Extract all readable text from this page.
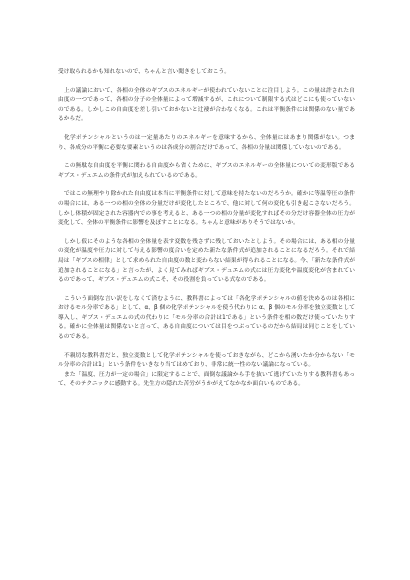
受け取られるかも知れないので、ちゃんと言い聞きをしておこう。

上の議論において、各相の全体のギブスのエネルギーが使われていないことに注目しよう。この量は許された自由度の一つであって、各相の分子の全体量によって増減するが、これについて制限する式はどこにも使っていないのである。しかしこの自由度を差し引いておかないと辻褄が合わなくなる。これは平衡条件には関係のない量であるからだ。

化学ポテンシャルというのは一定量あたりのエネルギーを意味するから、全体量にはあまり関係がない。つまり、各成分の平衡に必要な要素というのは各成分の割合だけであって、各相の分量は関係していないのである。

この無駄な自由度を平衡に関わる自由度から省くために、ギブスのエネルギーの全体量についての変形版であるギブス・デュエムの条件式が加えられているのである。

ではこの無理やり除かれた自由度は本当に平衡条件に対して意味を持たないのだろうか。確かに等温等圧の条件の場合には、ある一つの相の全体の分量だけが変化したところで、他に対して何の変化も引き起こさないだろう。しかし体積が固定された容器内での事を考えると、ある一つの相の分量が変化すればその分だけ容器全体の圧力が変化して、全体の平衡条件に影響を及ぼすことになる。ちゃんと意味がありそうではないか。

しかし仮にそのような各相の全体量を表す変数を残さずに残しておいたとしよう。その場合には、ある相の分量の変化が温度や圧力に対して与える影響の度合いを定めた新たな条件式が追加されることになるだろう。それで結局は「ギブスの相律」として求められた自由度の数と変わらない結果が得られることになる。今、「新たな条件式が追加されることになる」と言ったが、よく見てみればギブス・デュエムの式には圧力変化や温度変化が含まれているのであって、ギブス・デュエムの式こそ、その役割を負っている式なのである。

こういう面倒な言い訳をしなくて済むように、教科書によっては「各化学ポテンシャルの値を決めるのは各相におけるモル分率である」として、α、β 個の化学ポテンシャルを使う代わりに α、β 個のモル分率を独立変数として導入し、ギブス・デュエムの式の代わりに「モル分率の合計は1である」という条件を相の数だけ使っていたりする。確かに全体量は関係ないと言って、ある自由度については目をつぶっているのだから結局は同じことをしているのである。

不親切な教科書だと、独立変数として化学ポテンシャルを使っておきながら、どこから湧いたか分からない「モル分率の合計は1」という条件をいきなり当てはめており、非常に統一性のない議論になっている。

また「温度、圧力が一定の場合」に限定することで、面倒な議論から手を抜いて逃げていたりする教科書もあって、そのテクニックに感動する。先生方の隠れた苦労がうかがえてなかなか面白いものである。
